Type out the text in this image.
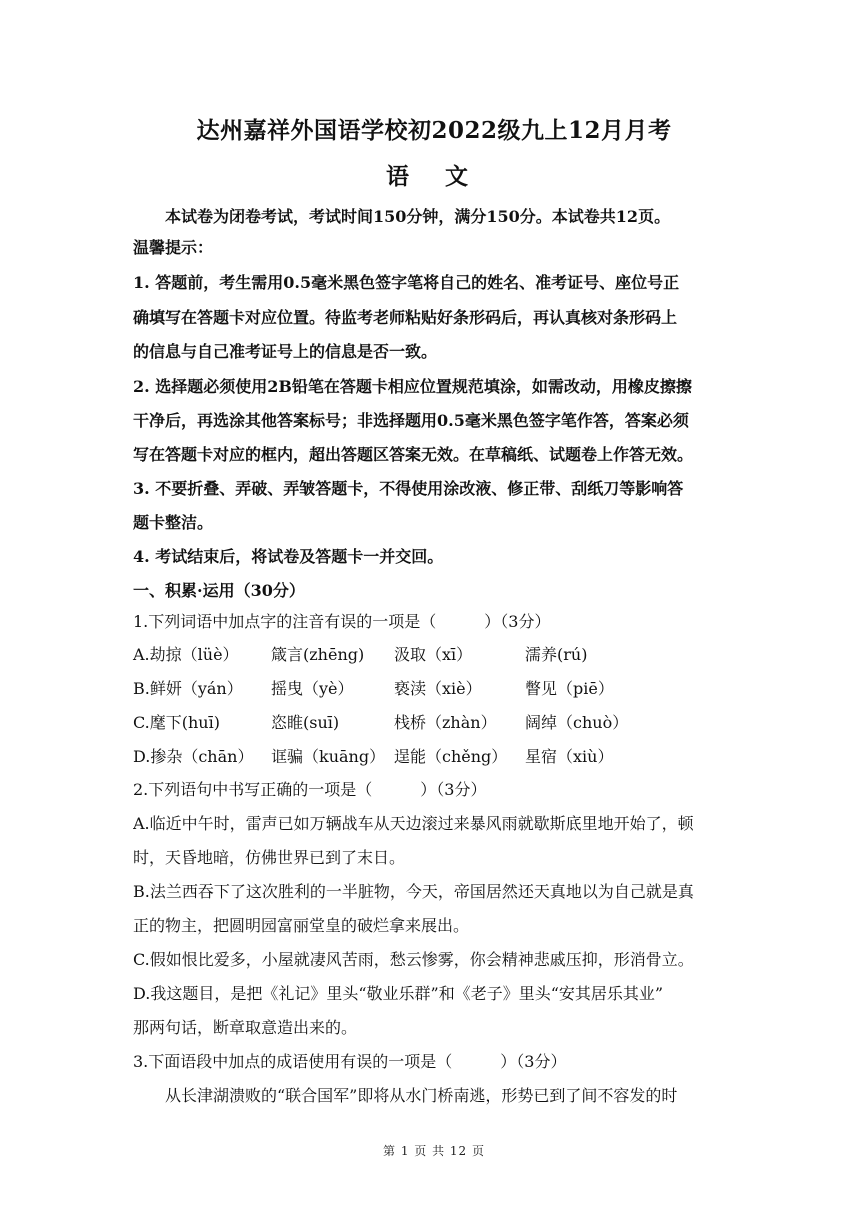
达州嘉祥外国语学校初2022级九上12月月考
语 文
本试卷为闭卷考试，考试时间150分钟，满分150分。本试卷共12页。
温馨提示：
1. 答题前，考生需用0.5毫米黑色签字笔将自己的姓名、准考证号、座位号正
确填写在答题卡对应位置。待监考老师粘贴好条形码后，再认真核对条形码上
的信息与自己准考证号上的信息是否一致。
2. 选择题必须使用2B铅笔在答题卡相应位置规范填涂，如需改动，用橡皮擦擦
干净后，再选涂其他答案标号；非选择题用0.5毫米黑色签字笔作答，答案必须
写在答题卡对应的框内，超出答题区答案无效。在草稿纸、试题卷上作答无效。
3. 不要折叠、弄破、弄皱答题卡，不得使用涂改液、修正带、刮纸刀等影响答
题卡整洁。
4. 考试结束后，将试卷及答题卡一并交回。
一、积累·运用（30分）
1.下列词语中加点字的注音有误的一项是（　　　）（3分）
A.劫掠（lüè） 箴言(zhēng) 汲取（xī）	濡养(rú)
B.鲜妍（yán） 摇曳（yè）	亵渎（xiè）	瞥见（piē）
C.麾下(huī)	恣睢(suī)	栈桥（zhàn） 阔绰（chuò）
D.掺杂（chān） 诓骗（kuāng） 逞能（chěng） 星宿（xiù）
2.下列语句中书写正确的一项是（　　　）（3分）
A.临近中午时，雷声已如万辆战车从天边滚过来暴风雨就歇斯底里地开始了，顿
时，天昏地暗，仿佛世界已到了末日。
B.法兰西吞下了这次胜利的一半脏物，今天，帝国居然还天真地以为自己就是真
正的物主，把圆明园富丽堂皇的破烂拿来展出。
C.假如恨比爱多，小屋就凄风苦雨，愁云惨雾，你会精神悲戚压抑，形消骨立。
D.我这题目，是把《礼记》里头“敬业乐群”和《老子》里头“安其居乐其业”
那两句话，断章取意造出来的。
3.下面语段中加点的成语使用有误的一项是（　　　）（3分）
从长津湖溃败的“联合国军”即将从水门桥南逃，形势已到了间不容发的时
第 1 页 共 12 页
